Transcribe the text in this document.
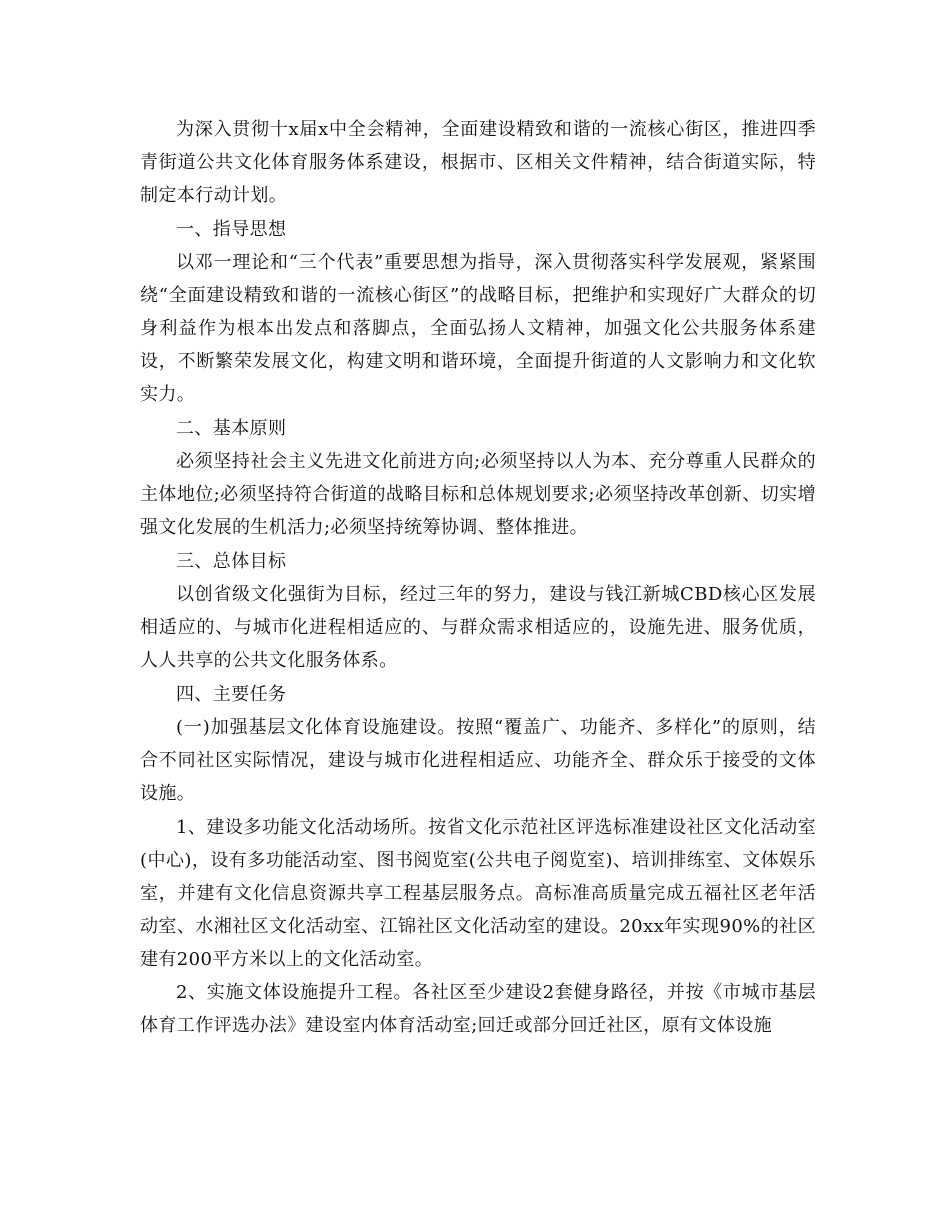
为深入贯彻十x届x中全会精神，全面建设精致和谐的一流核心街区，推进四季青街道公共文化体育服务体系建设，根据市、区相关文件精神，结合街道实际，特制定本行动计划。

一、指导思想

以邓一理论和“三个代表”重要思想为指导，深入贯彻落实科学发展观，紧紧围绕“全面建设精致和谐的一流核心街区”的战略目标，把维护和实现好广大群众的切身利益作为根本出发点和落脚点，全面弘扬人文精神，加强文化公共服务体系建设，不断繁荣发展文化，构建文明和谐环境，全面提升街道的人文影响力和文化软实力。

二、基本原则

必须坚持社会主义先进文化前进方向;必须坚持以人为本、充分尊重人民群众的主体地位;必须坚持符合街道的战略目标和总体规划要求;必须坚持改革创新、切实增强文化发展的生机活力;必须坚持统筹协调、整体推进。

三、总体目标

以创省级文化强街为目标，经过三年的努力，建设与钱江新城CBD核心区发展相适应的、与城市化进程相适应的、与群众需求相适应的，设施先进、服务优质，人人共享的公共文化服务体系。

四、主要任务

(一)加强基层文化体育设施建设。按照“覆盖广、功能齐、多样化”的原则，结合不同社区实际情况，建设与城市化进程相适应、功能齐全、群众乐于接受的文体设施。

1、建设多功能文化活动场所。按省文化示范社区评选标准建设社区文化活动室(中心)，设有多功能活动室、图书阅览室(公共电子阅览室)、培训排练室、文体娱乐室，并建有文化信息资源共享工程基层服务点。高标准高质量完成五福社区老年活动室、水湘社区文化活动室、江锦社区文化活动室的建设。20xx年实现90%的社区建有200平方米以上的文化活动室。

2、实施文体设施提升工程。各社区至少建设2套健身路径，并按《市城市基层体育工作评选办法》建设室内体育活动室;回迁或部分回迁社区，原有文体设施
